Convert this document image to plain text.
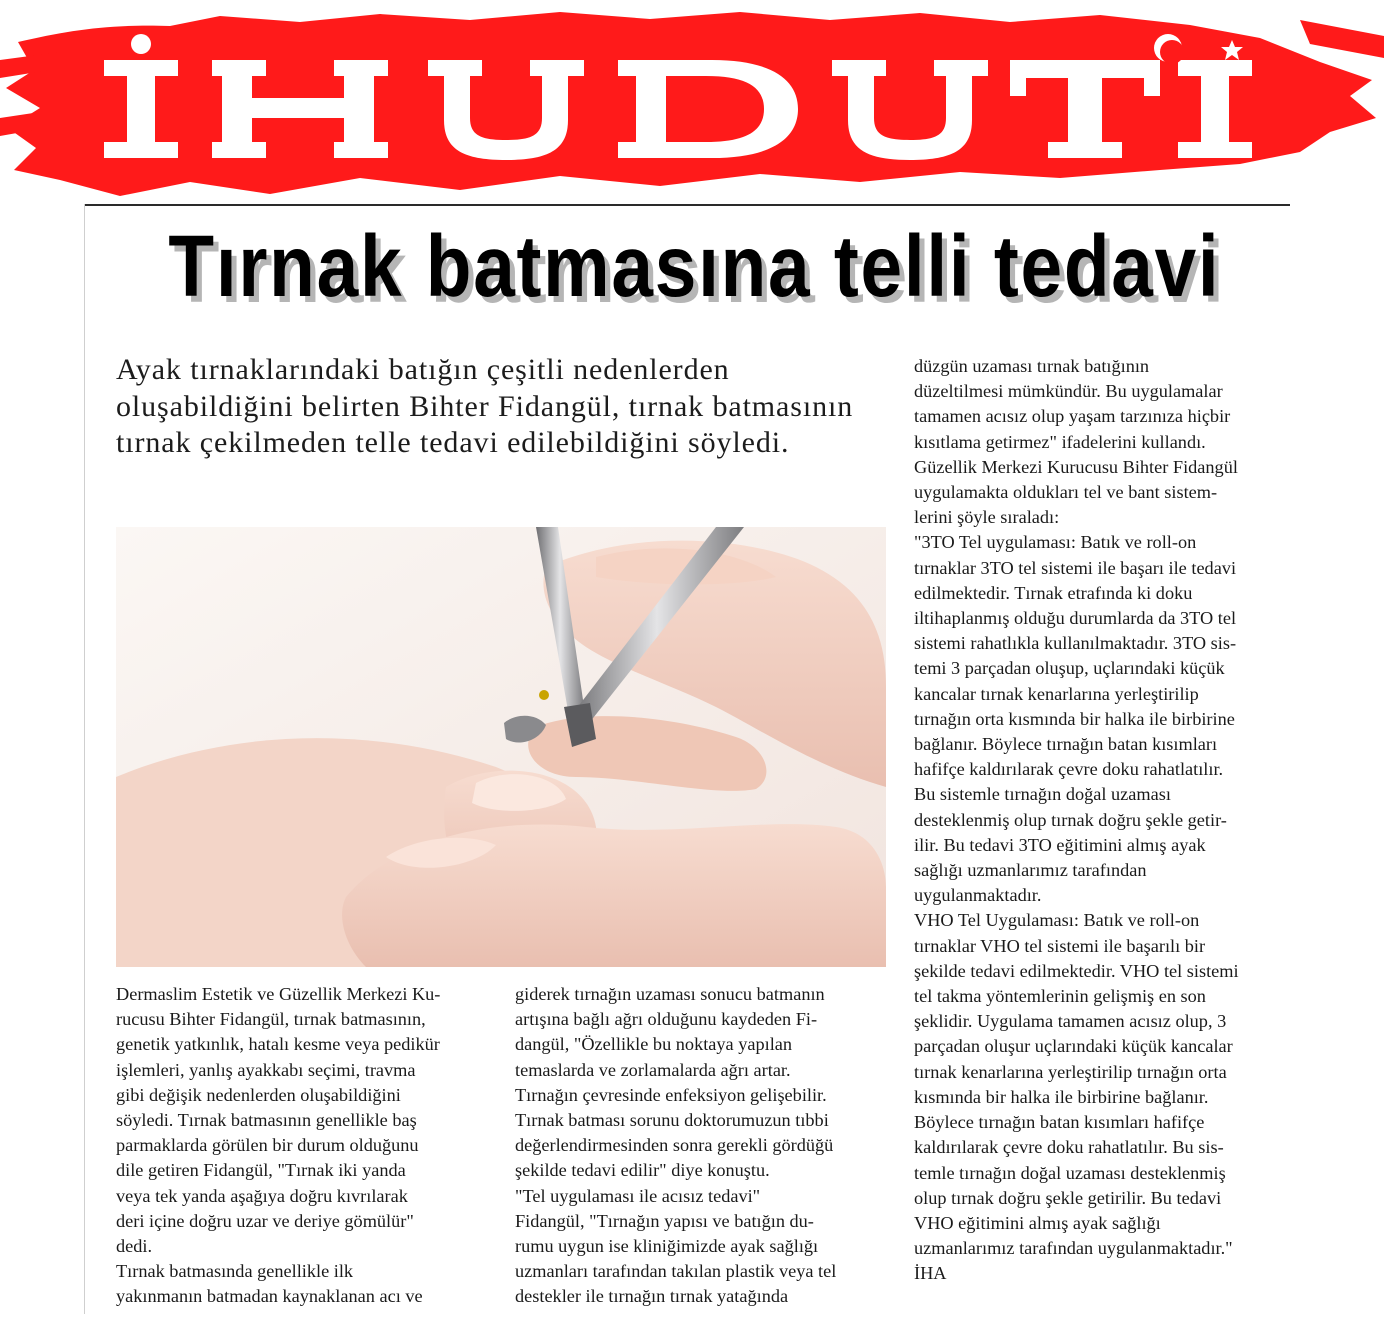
Tırnak batmasına telli tedavi

Ayak tırnaklarındaki batığın çeşitli nedenlerden oluşabildiğini belirten Bihter Fidangül, tırnak batmasının tırnak çekilmeden telle tedavi edilebildiğini söyledi.

Dermaslim Estetik ve Güzellik Merkezi Ku-
rucusu Bihter Fidangül, tırnak batmasının,
genetik yatkınlık, hatalı kesme veya pedikür
işlemleri, yanlış ayakkabı seçimi, travma
gibi değişik nedenlerden oluşabildiğini
söyledi. Tırnak batmasının genellikle baş
parmaklarda görülen bir durum olduğunu
dile getiren Fidangül, "Tırnak iki yanda
veya tek yanda aşağıya doğru kıvrılarak
deri içine doğru uzar ve deriye gömülür"
dedi.
Tırnak batmasında genellikle ilk
yakınmanın batmadan kaynaklanan acı ve
giderek tırnağın uzaması sonucu batmanın
artışına bağlı ağrı olduğunu kaydeden Fi-
dangül, "Özellikle bu noktaya yapılan
temaslarda ve zorlamalarda ağrı artar.
Tırnağın çevresinde enfeksiyon gelişebilir.
Tırnak batması sorunu doktorumuzun tıbbi
değerlendirmesinden sonra gerekli gördüğü
şekilde tedavi edilir" diye konuştu.
"Tel uygulaması ile acısız tedavi"
Fidangül, "Tırnağın yapısı ve batığın du-
rumu uygun ise kliniğimizde ayak sağlığı
uzmanları tarafından takılan plastik veya tel
destekler ile tırnağın tırnak yatağında
düzgün uzaması tırnak batığının
düzeltilmesi mümkündür. Bu uygulamalar
tamamen acısız olup yaşam tarzınıza hiçbir
kısıtlama getirmez" ifadelerini kullandı.
Güzellik Merkezi Kurucusu Bihter Fidangül
uygulamakta oldukları tel ve bant sistem-
lerini şöyle sıraladı:
"3TO Tel uygulaması: Batık ve roll-on
tırnaklar 3TO tel sistemi ile başarı ile tedavi
edilmektedir. Tırnak etrafında ki doku
iltihaplanmış olduğu durumlarda da 3TO tel
sistemi rahatlıkla kullanılmaktadır. 3TO sis-
temi 3 parçadan oluşup, uçlarındaki küçük
kancalar tırnak kenarlarına yerleştirilip
tırnağın orta kısmında bir halka ile birbirine
bağlanır. Böylece tırnağın batan kısımları
hafifçe kaldırılarak çevre doku rahatlatılır.
Bu sistemle tırnağın doğal uzaması
desteklenmiş olup tırnak doğru şekle getir-
ilir. Bu tedavi 3TO eğitimini almış ayak
sağlığı uzmanlarımız tarafından
uygulanmaktadır.
VHO Tel Uygulaması: Batık ve roll-on
tırnaklar VHO tel sistemi ile başarılı bir
şekilde tedavi edilmektedir. VHO tel sistemi
tel takma yöntemlerinin gelişmiş en son
şeklidir. Uygulama tamamen acısız olup, 3
parçadan oluşur uçlarındaki küçük kancalar
tırnak kenarlarına yerleştirilip tırnağın orta
kısmında bir halka ile birbirine bağlanır.
Böylece tırnağın batan kısımları hafifçe
kaldırılarak çevre doku rahatlatılır. Bu sis-
temle tırnağın doğal uzaması desteklenmiş
olup tırnak doğru şekle getirilir. Bu tedavi
VHO eğitimini almış ayak sağlığı
uzmanlarımız tarafından uygulanmaktadır."
İHA
